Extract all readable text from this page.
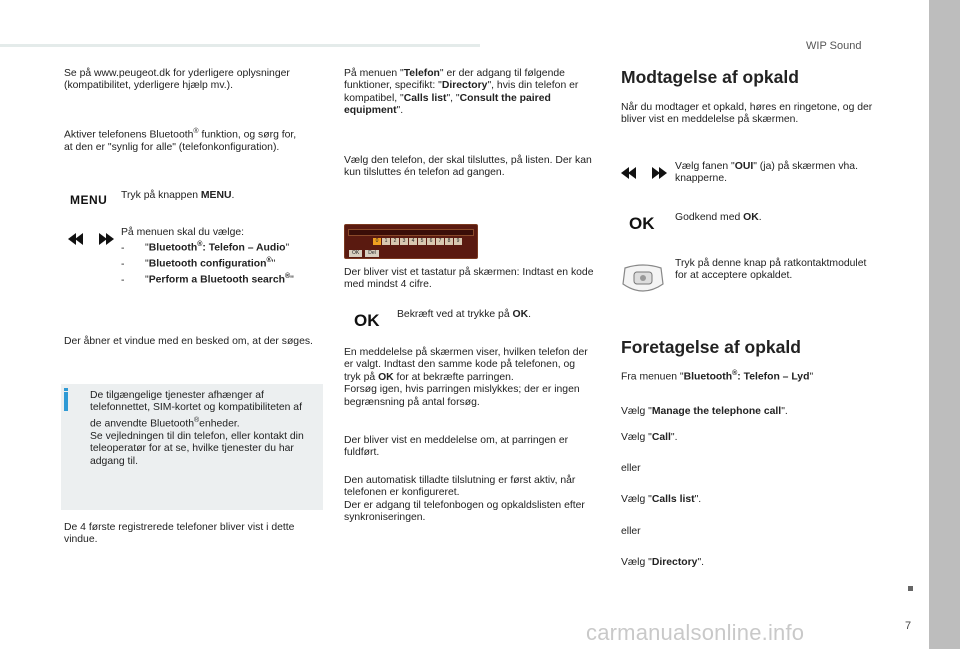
WIP Sound
Se på www.peugeot.dk for yderligere oplysninger (kompatibilitet, yderligere hjælp mv.).
Aktiver telefonens Bluetooth® funktion, og sørg for, at den er "synlig for alle" (telefonkonfiguration).
MENU Tryk på knappen MENU.
På menuen skal du vælge:
- "Bluetooth®: Telefon – Audio"
- "Bluetooth configuration®"
- "Perform a Bluetooth search®"
Der åbner et vindue med en besked om, at der søges.
De tilgængelige tjenester afhænger af telefonnettet, SIM-kortet og kompatibiliteten af de anvendte Bluetooth®enheder.
Se vejledningen til din telefon, eller kontakt din teleoperatør for at se, hvilke tjenester du har adgang til.
De 4 første registrerede telefoner bliver vist i dette vindue.
På menuen "Telefon" er der adgang til følgende funktioner, specifikt: "Directory", hvis din telefon er kompatibel, "Calls list", "Consult the paired equipment".
Vælg den telefon, der skal tilsluttes, på listen. Der kan kun tilsluttes én telefon ad gangen.
0	1	2	3	4	5	6	7	8	9
OK	Del
Der bliver vist et tastatur på skærmen: Indtast en kode med mindst 4 cifre.
OK Bekræft ved at trykke på OK.
En meddelelse på skærmen viser, hvilken telefon der er valgt. Indtast den samme kode på telefonen, og tryk på OK for at bekræfte parringen.
Forsøg igen, hvis parringen mislykkes; der er ingen begrænsning på antal forsøg.
Der bliver vist en meddelelse om, at parringen er fuldført.
Den automatisk tilladte tilslutning er først aktiv, når telefonen er konfigureret.
Der er adgang til telefonbogen og opkaldslisten efter synkroniseringen.
Modtagelse af opkald
Når du modtager et opkald, høres en ringetone, og der bliver vist en meddelelse på skærmen.
Vælg fanen "OUI" (ja) på skærmen vha. knapperne.
OK Godkend med OK.
Tryk på denne knap på ratkontaktmodulet for at acceptere opkaldet.
Foretagelse af opkald
Fra menuen "Bluetooth®: Telefon – Lyd"
Vælg "Manage the telephone call".
Vælg "Call".
eller
Vælg "Calls list".
eller
Vælg "Directory".
7
carmanualsonline.info
